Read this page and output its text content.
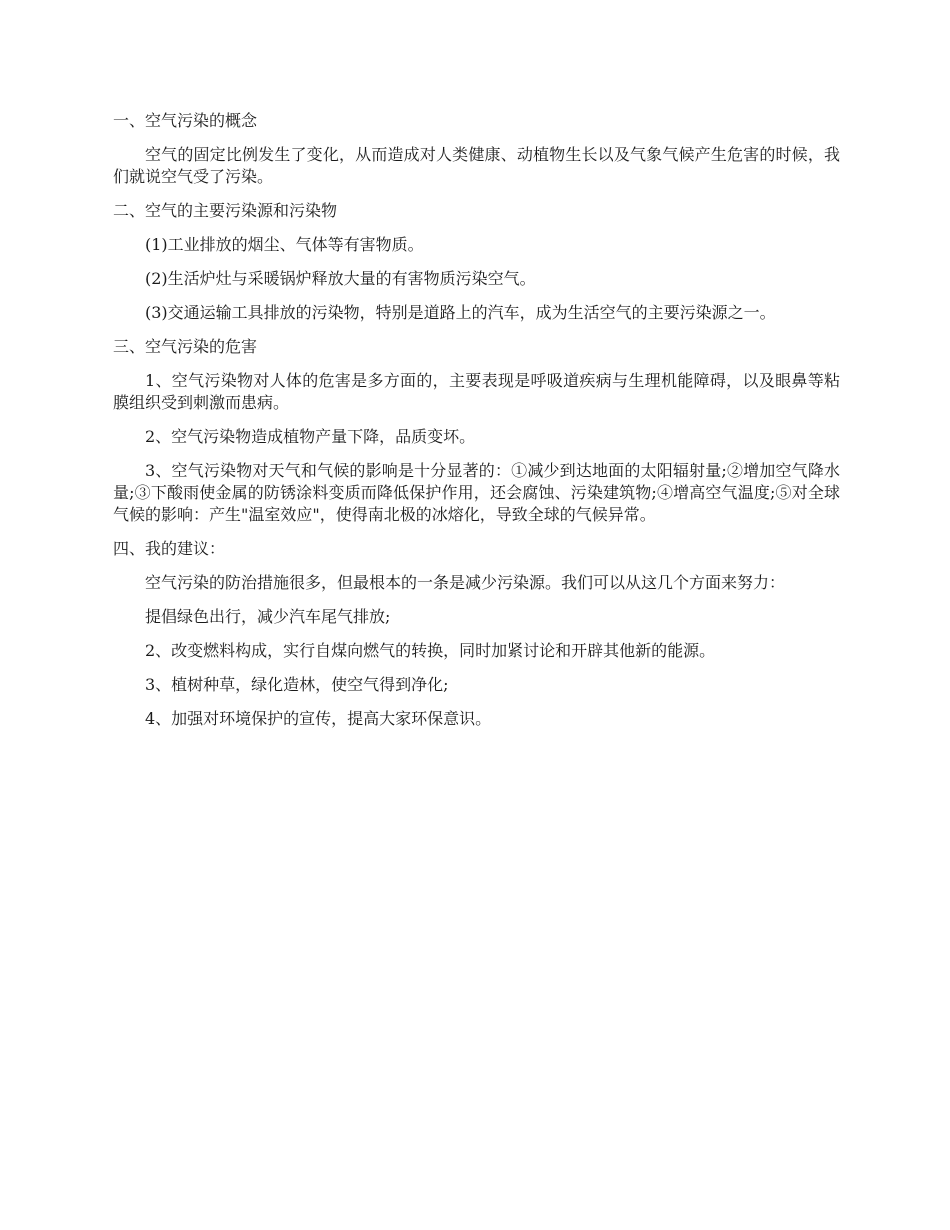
一、空气污染的概念

空气的固定比例发生了变化，从而造成对人类健康、动植物生长以及气象气候产生危害的时候，我们就说空气受了污染。

二、空气的主要污染源和污染物

(1)工业排放的烟尘、气体等有害物质。

(2)生活炉灶与采暖锅炉释放大量的有害物质污染空气。

(3)交通运输工具排放的污染物，特别是道路上的汽车，成为生活空气的主要污染源之一。

三、空气污染的危害

1、空气污染物对人体的危害是多方面的，主要表现是呼吸道疾病与生理机能障碍，以及眼鼻等粘膜组织受到刺激而患病。

2、空气污染物造成植物产量下降，品质变坏。

3、空气污染物对天气和气候的影响是十分显著的：①减少到达地面的太阳辐射量;②增加空气降水量;③下酸雨使金属的防锈涂料变质而降低保护作用，还会腐蚀、污染建筑物;④增高空气温度;⑤对全球气候的影响：产生"温室效应"，使得南北极的冰熔化，导致全球的气候异常。

四、我的建议：

空气污染的防治措施很多，但最根本的一条是减少污染源。我们可以从这几个方面来努力：

提倡绿色出行，减少汽车尾气排放;

2、改变燃料构成，实行自煤向燃气的转换，同时加紧讨论和开辟其他新的能源。

3、植树种草，绿化造林，使空气得到净化;

4、加强对环境保护的宣传，提高大家环保意识。
